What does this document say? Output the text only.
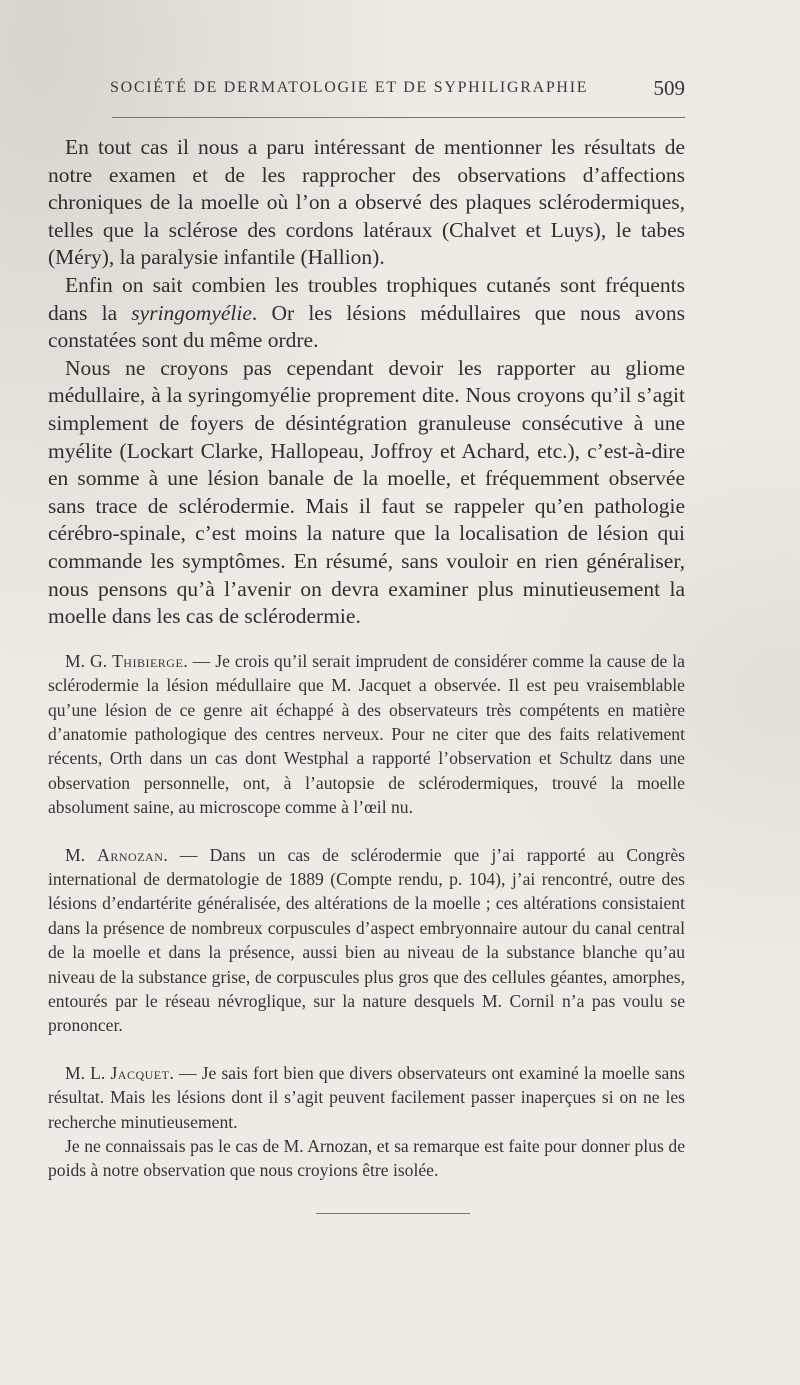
SOCIÉTÉ DE DERMATOLOGIE ET DE SYPHILIGRAPHIE	509

En tout cas il nous a paru intéressant de mentionner les résultats de notre examen et de les rapprocher des observations d’affections chroniques de la moelle où l’on a observé des plaques sclérodermiques, telles que la sclérose des cordons latéraux (Chalvet et Luys), le tabes (Méry), la paralysie infantile (Hallion).

Enfin on sait combien les troubles trophiques cutanés sont fréquents dans la syringomyélie. Or les lésions médullaires que nous avons constatées sont du même ordre.

Nous ne croyons pas cependant devoir les rapporter au gliome médullaire, à la syringomyélie proprement dite. Nous croyons qu’il s’agit simplement de foyers de désintégration granuleuse consécutive à une myélite (Lockart Clarke, Hallopeau, Joffroy et Achard, etc.), c’est-à-dire en somme à une lésion banale de la moelle, et fréquemment observée sans trace de sclérodermie. Mais il faut se rappeler qu’en pathologie cérébro-spinale, c’est moins la nature que la localisation de lésion qui commande les symptômes. En résumé, sans vouloir en rien généraliser, nous pensons qu’à l’avenir on devra examiner plus minutieusement la moelle dans les cas de sclérodermie.

M. G. Thibierge. — Je crois qu’il serait imprudent de considérer comme la cause de la sclérodermie la lésion médullaire que M. Jacquet a observée. Il est peu vraisemblable qu’une lésion de ce genre ait échappé à des observateurs très compétents en matière d’anatomie pathologique des centres nerveux. Pour ne citer que des faits relativement récents, Orth dans un cas dont Westphal a rapporté l’observation et Schultz dans une observation personnelle, ont, à l’autopsie de sclérodermiques, trouvé la moelle absolument saine, au microscope comme à l’œil nu.

M. Arnozan. — Dans un cas de sclérodermie que j’ai rapporté au Congrès international de dermatologie de 1889 (Compte rendu, p. 104), j’ai rencontré, outre des lésions d’endartérite généralisée, des altérations de la moelle ; ces altérations consistaient dans la présence de nombreux corpuscules d’aspect embryonnaire autour du canal central de la moelle et dans la présence, aussi bien au niveau de la substance blanche qu’au niveau de la substance grise, de corpuscules plus gros que des cellules géantes, amorphes, entourés par le réseau névroglique, sur la nature desquels M. Cornil n’a pas voulu se prononcer.

M. L. Jacquet. — Je sais fort bien que divers observateurs ont examiné la moelle sans résultat. Mais les lésions dont il s’agit peuvent facilement passer inaperçues si on ne les recherche minutieusement.

Je ne connaissais pas le cas de M. Arnozan, et sa remarque est faite pour donner plus de poids à notre observation que nous croyions être isolée.
